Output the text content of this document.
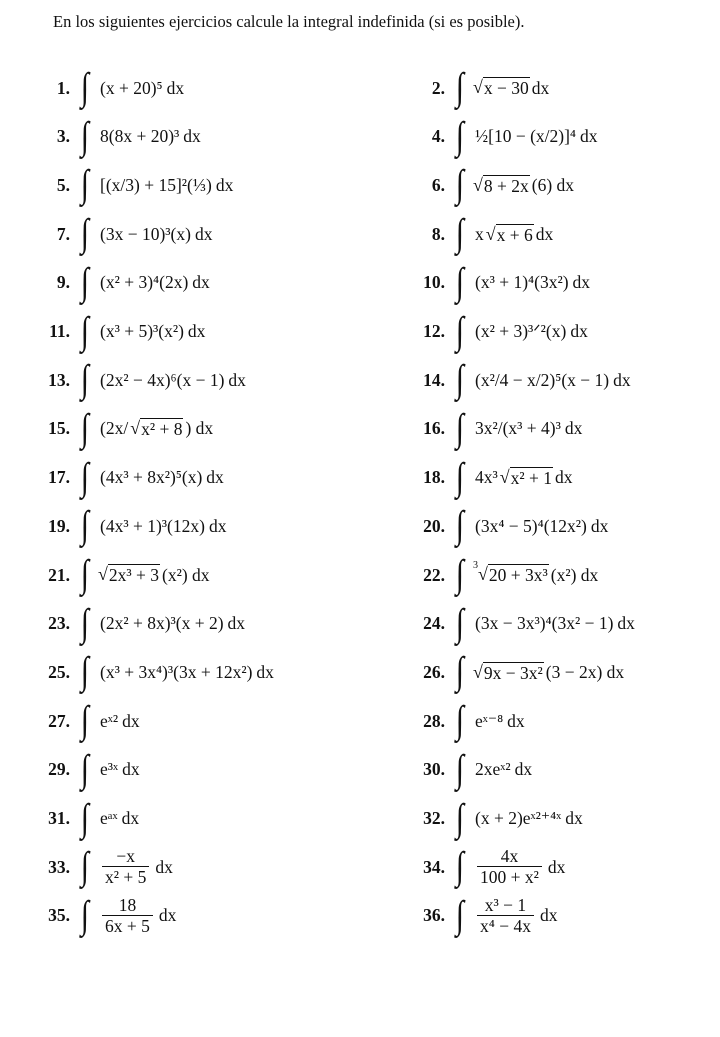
En los siguientes ejercicios calcule la integral indefinida (si es posible).
1. ∫ (x + 20)⁵ dx	2. ∫ √ x − 30 dx
3. ∫ 8(8x + 20)³ dx	4. ∫ ½[10 − (x/2)]⁴ dx
5. ∫ [(x/3) + 15]²(⅓) dx	6. ∫ √ 8 + 2x (6) dx
7. ∫ (3x − 10)³(x) dx	8. ∫ x √ x + 6 dx
9. ∫ (x² + 3)⁴(2x) dx	10. ∫ (x³ + 1)⁴(3x²) dx
11. ∫ (x³ + 5)³(x²) dx	12. ∫ (x² + 3)³ᐟ²(x) dx
13. ∫ (2x² − 4x)⁶(x − 1) dx	14. ∫ (x²/4 − x/2)⁵(x − 1) dx
15. ∫ (2x/ √ x² + 8 ) dx	16. ∫ 3x²/(x³ + 4)³ dx
17. ∫ (4x³ + 8x²)⁵(x) dx	18. ∫ 4x³ √ x² + 1 dx
19. ∫ (4x³ + 1)³(12x) dx	20. ∫ (3x⁴ − 5)⁴(12x²) dx
21. ∫ √ 2x³ + 3 (x²) dx	22. ∫ 3 √ 20 + 3x³ (x²) dx
23. ∫ (2x² + 8x)³(x + 2) dx	24. ∫ (3x − 3x³)⁴(3x² − 1) dx
25. ∫ (x³ + 3x⁴)³(3x + 12x²) dx	26. ∫ √ 9x − 3x² (3 − 2x) dx
27. ∫ eˣ² dx	28. ∫ eˣ⁻⁸ dx
29. ∫ e³ˣ dx	30. ∫ 2xeˣ² dx
31. ∫ eᵃˣ dx	32. ∫ (x + 2)eˣ²⁺⁴ˣ dx
33. ∫ $\frac{-x}{\text{x² + 5}}$ dx	34. ∫ $\frac{4x}{\text{100 + x²}}$ dx
35. ∫ $\frac{18}{6x + 5}$ dx	36. ∫ $\frac{\text{x³ − 1}}{\text{x⁴ − 4x}}$ dx
